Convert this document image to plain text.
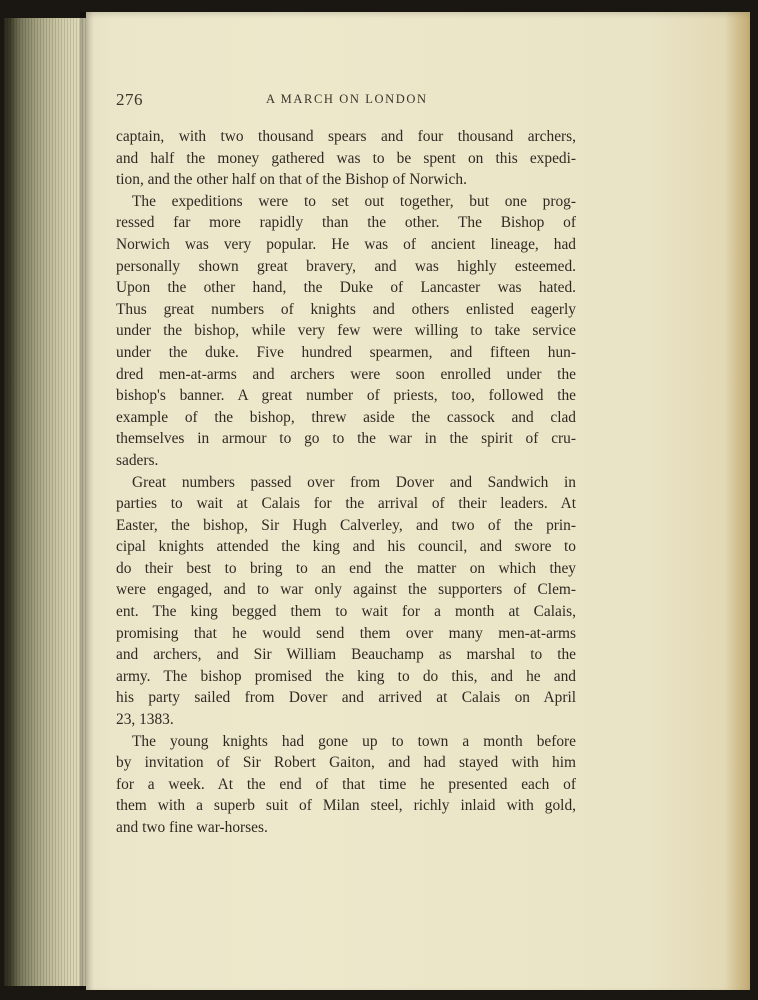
276	A MARCH ON LONDON
captain, with two thousand spears and four thousand archers,
and half the money gathered was to be spent on this expedi-
tion, and the other half on that of the Bishop of Norwich.
The expeditions were to set out together, but one prog-
ressed far more rapidly than the other. The Bishop of
Norwich was very popular. He was of ancient lineage, had
personally shown great bravery, and was highly esteemed.
Upon the other hand, the Duke of Lancaster was hated.
Thus great numbers of knights and others enlisted eagerly
under the bishop, while very few were willing to take service
under the duke. Five hundred spearmen, and fifteen hun-
dred men-at-arms and archers were soon enrolled under the
bishop's banner. A great number of priests, too, followed the
example of the bishop, threw aside the cassock and clad
themselves in armour to go to the war in the spirit of cru-
saders.
Great numbers passed over from Dover and Sandwich in
parties to wait at Calais for the arrival of their leaders. At
Easter, the bishop, Sir Hugh Calverley, and two of the prin-
cipal knights attended the king and his council, and swore to
do their best to bring to an end the matter on which they
were engaged, and to war only against the supporters of Clem-
ent. The king begged them to wait for a month at Calais,
promising that he would send them over many men-at-arms
and archers, and Sir William Beauchamp as marshal to the
army. The bishop promised the king to do this, and he and
his party sailed from Dover and arrived at Calais on April
23, 1383.
The young knights had gone up to town a month before
by invitation of Sir Robert Gaiton, and had stayed with him
for a week. At the end of that time he presented each of
them with a superb suit of Milan steel, richly inlaid with gold,
and two fine war-horses.
